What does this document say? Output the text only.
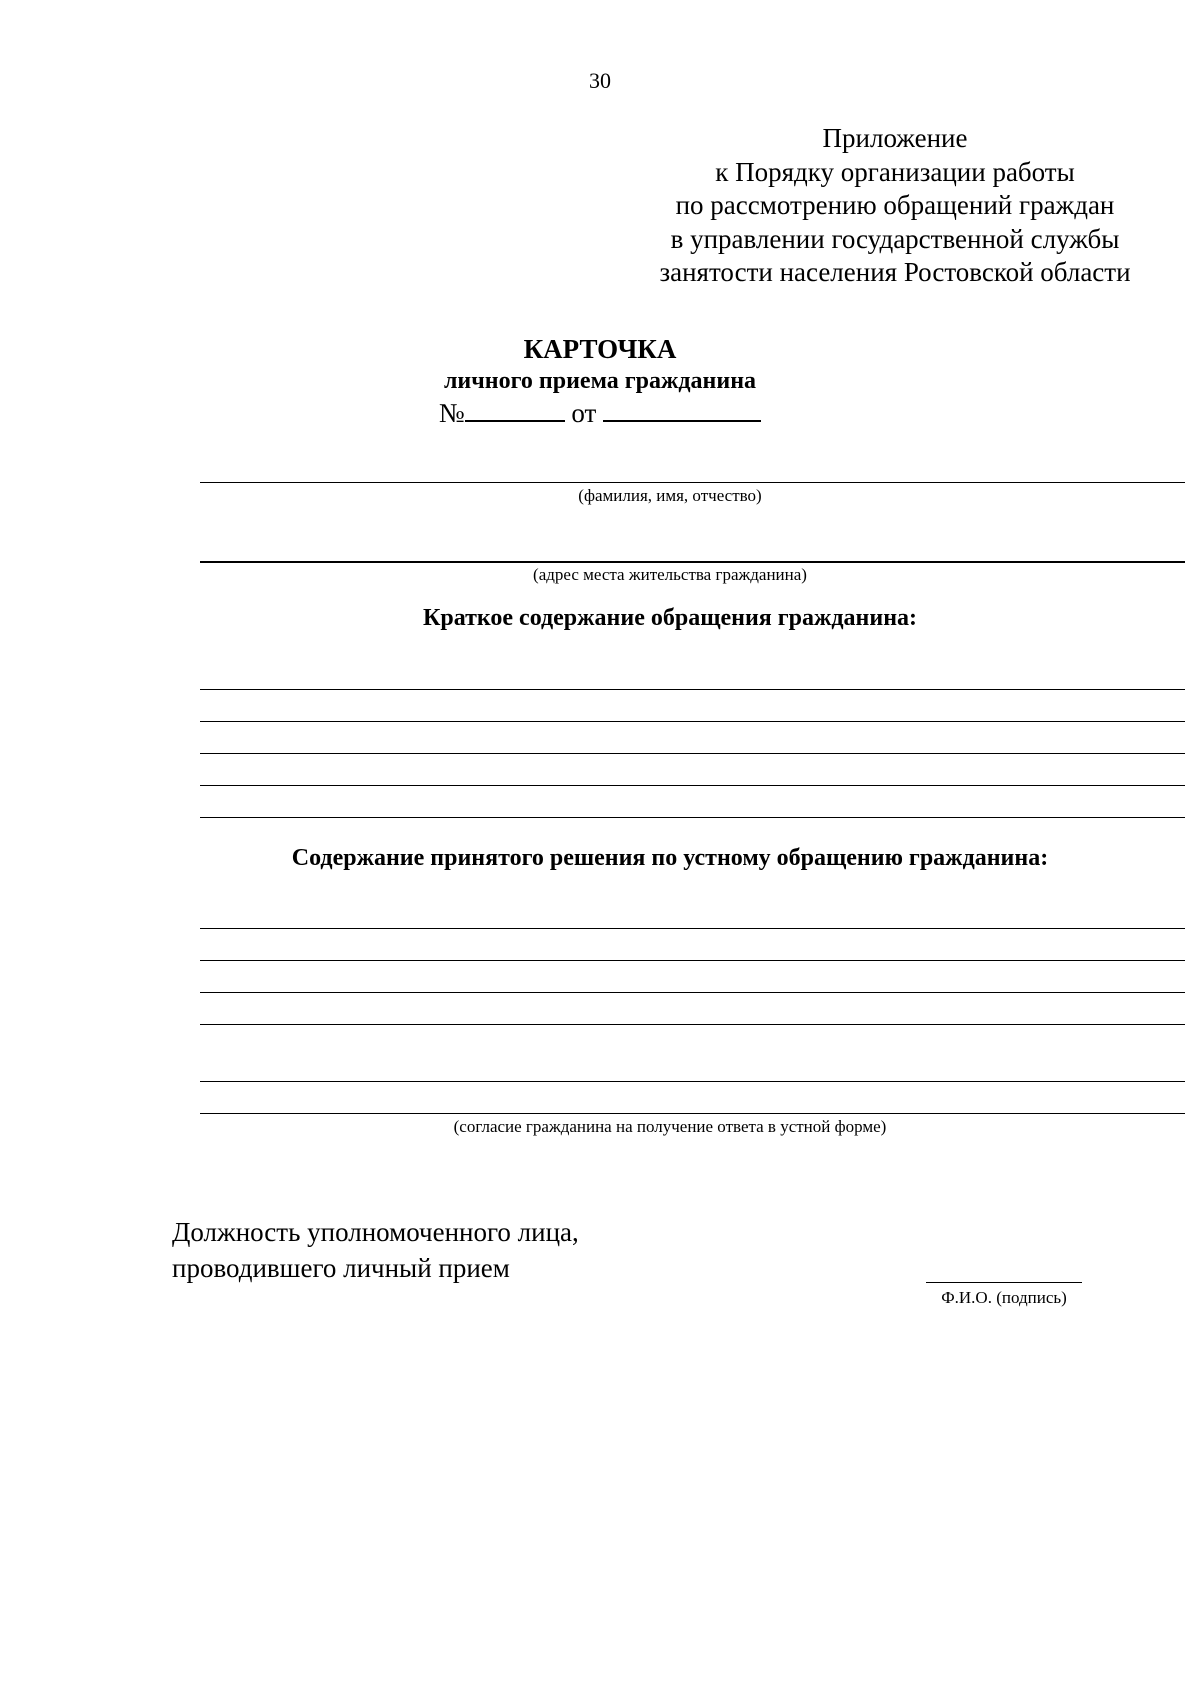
30
Приложение
к Порядку организации работы
по рассмотрению обращений граждан
в управлении государственной службы
занятости населения Ростовской области
КАРТОЧКА
личного приема гражданина
№	от
(фамилия, имя, отчество)
(адрес места жительства гражданина)
Краткое содержание обращения гражданина:
Содержание принятого решения по устному обращению гражданина:
(согласие гражданина на получение ответа в устной форме)
Должность уполномоченного лица,
проводившего личный прием
Ф.И.О. (подпись)
